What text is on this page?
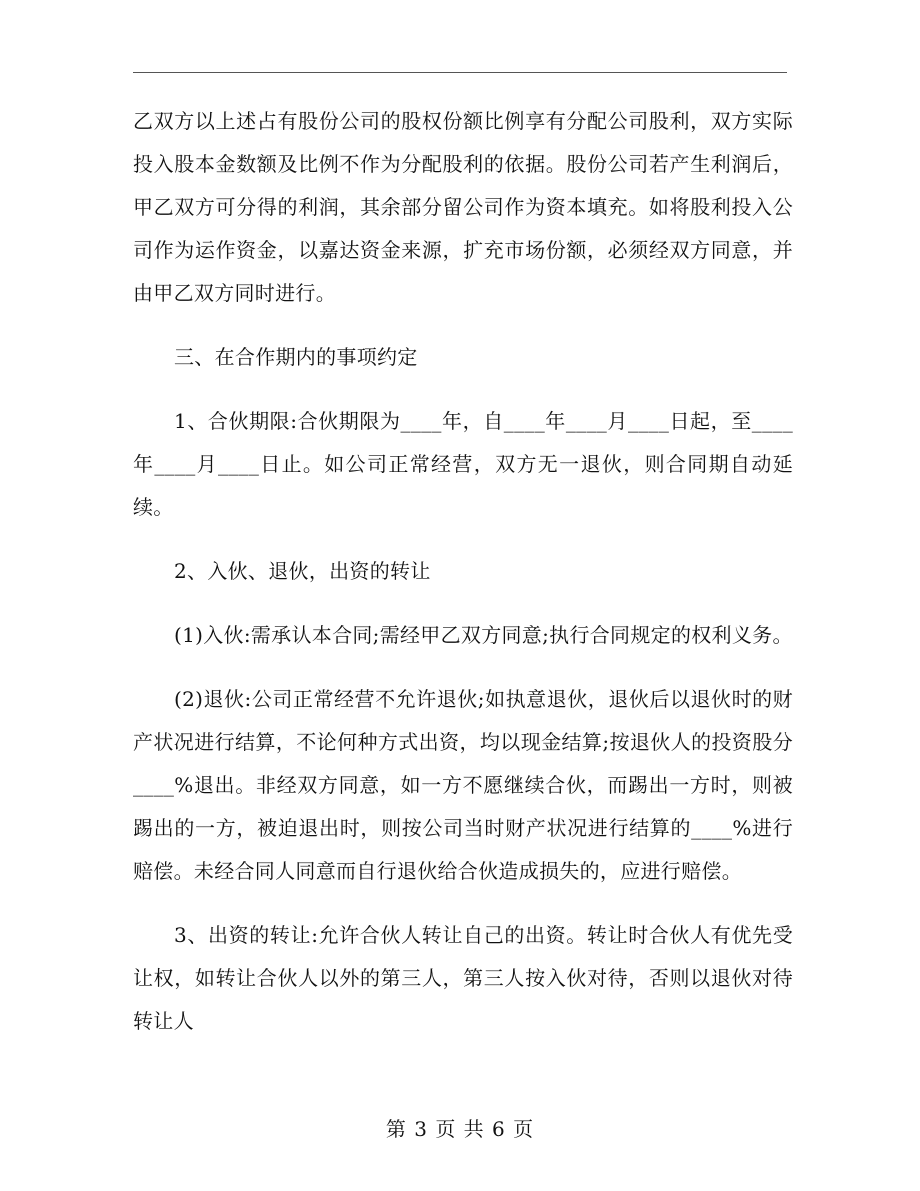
乙双方以上述占有股份公司的股权份额比例享有分配公司股利，双方实际投入股本金数额及比例不作为分配股利的依据。股份公司若产生利润后，甲乙双方可分得的利润，其余部分留公司作为资本填充。如将股利投入公司作为运作资金，以嘉达资金来源，扩充市场份额，必须经双方同意，并由甲乙双方同时进行。

三、在合作期内的事项约定

1、合伙期限:合伙期限为____年，自____年____月____日起，至____年____月____日止。如公司正常经营，双方无一退伙，则合同期自动延续。

2、入伙、退伙，出资的转让

(1)入伙:需承认本合同;需经甲乙双方同意;执行合同规定的权利义务。

(2)退伙:公司正常经营不允许退伙;如执意退伙，退伙后以退伙时的财产状况进行结算，不论何种方式出资，均以现金结算;按退伙人的投资股分____%退出。非经双方同意，如一方不愿继续合伙，而踢出一方时，则被踢出的一方，被迫退出时，则按公司当时财产状况进行结算的____%进行赔偿。未经合同人同意而自行退伙给合伙造成损失的，应进行赔偿。

3、出资的转让:允许合伙人转让自己的出资。转让时合伙人有优先受让权，如转让合伙人以外的第三人，第三人按入伙对待，否则以退伙对待转让人

第 3 页 共 6 页
